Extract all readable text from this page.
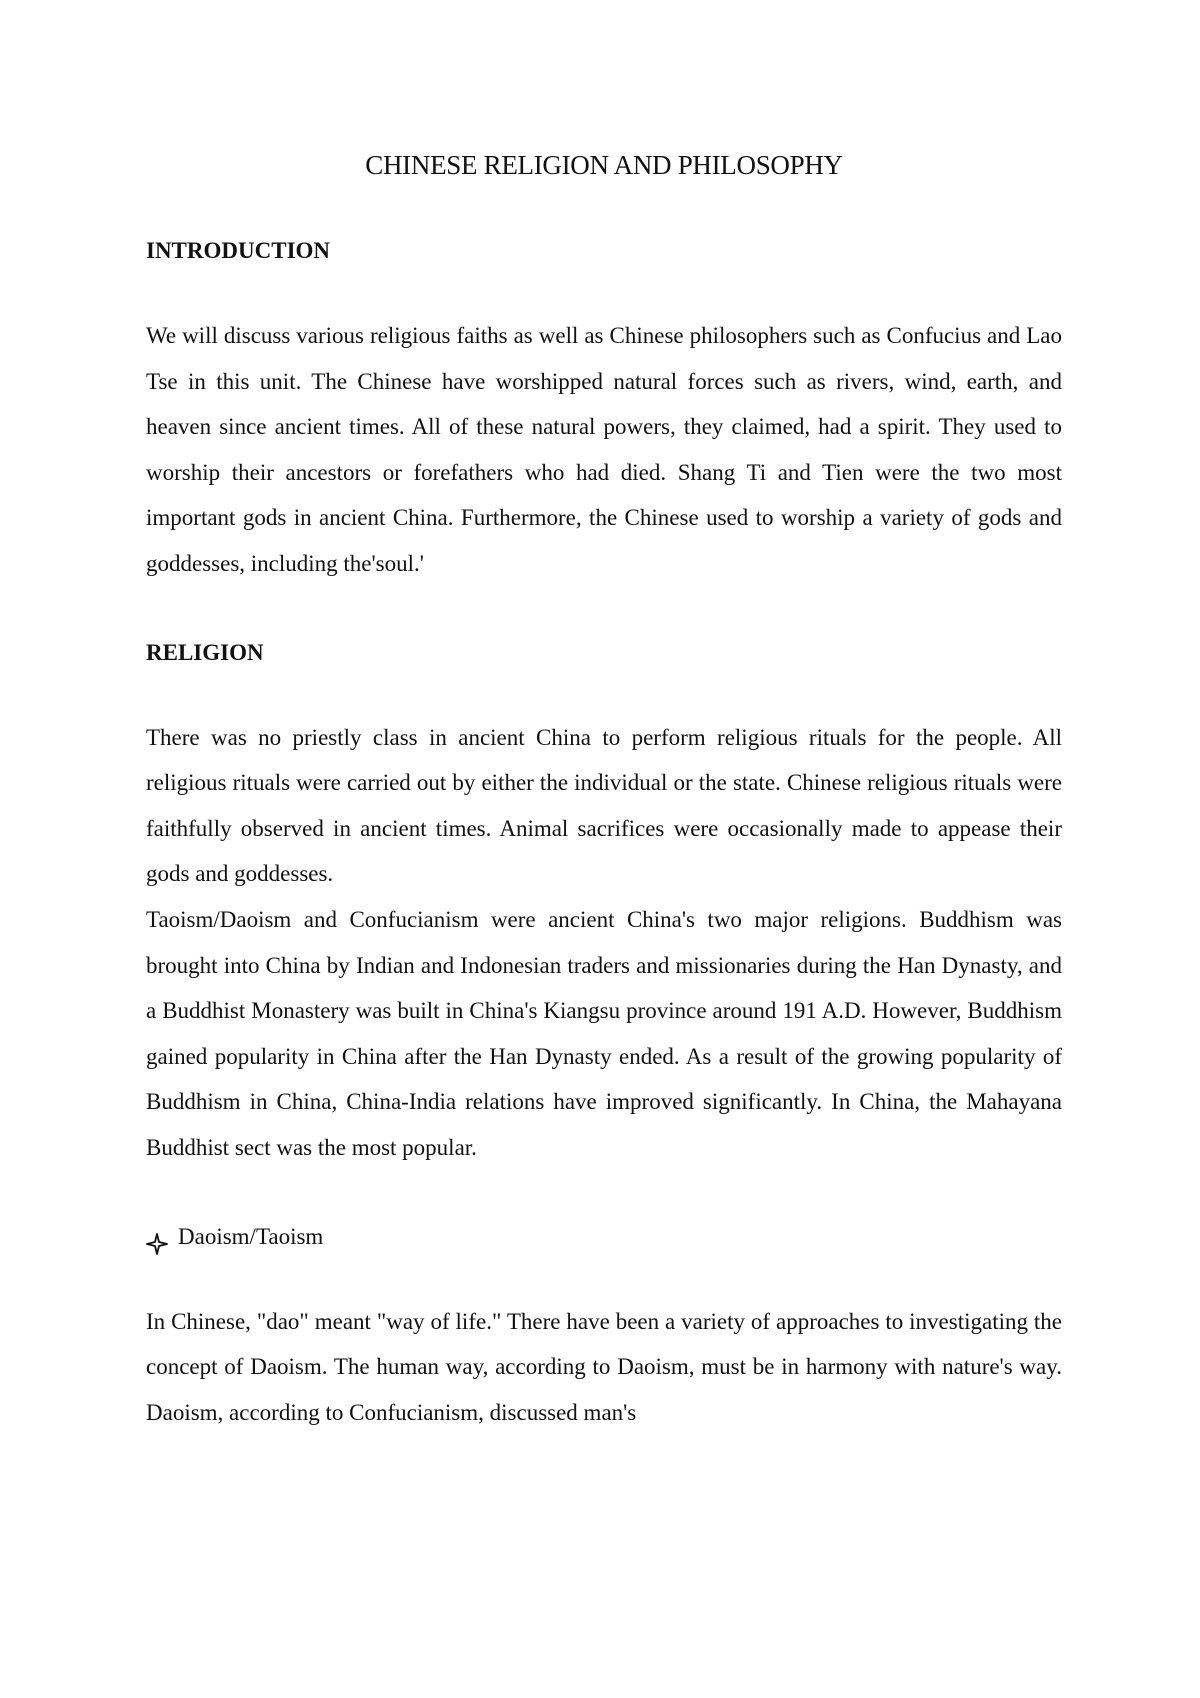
CHINESE RELIGION AND PHILOSOPHY
INTRODUCTION

We will discuss various religious faiths as well as Chinese philosophers such as Confucius and Lao Tse in this unit. The Chinese have worshipped natural forces such as rivers, wind, earth, and heaven since ancient times. All of these natural powers, they claimed, had a spirit. They used to worship their ancestors or forefathers who had died. Shang Ti and Tien were the two most important gods in ancient China. Furthermore, the Chinese used to worship a variety of gods and goddesses, including the'soul.'

RELIGION

There was no priestly class in ancient China to perform religious rituals for the people. All religious rituals were carried out by either the individual or the state. Chinese religious rituals were faithfully observed in ancient times. Animal sacrifices were occasionally made to appease their gods and goddesses.

Taoism/Daoism and Confucianism were ancient China's two major religions. Buddhism was brought into China by Indian and Indonesian traders and missionaries during the Han Dynasty, and a Buddhist Monastery was built in China's Kiangsu province around 191 A.D. However, Buddhism gained popularity in China after the Han Dynasty ended. As a result of the growing popularity of Buddhism in China, China-India relations have improved significantly. In China, the Mahayana Buddhist sect was the most popular.

Daoism/Taoism

In Chinese, "dao" meant "way of life." There have been a variety of approaches to investigating the concept of Daoism. The human way, according to Daoism, must be in harmony with nature's way. Daoism, according to Confucianism, discussed man's
